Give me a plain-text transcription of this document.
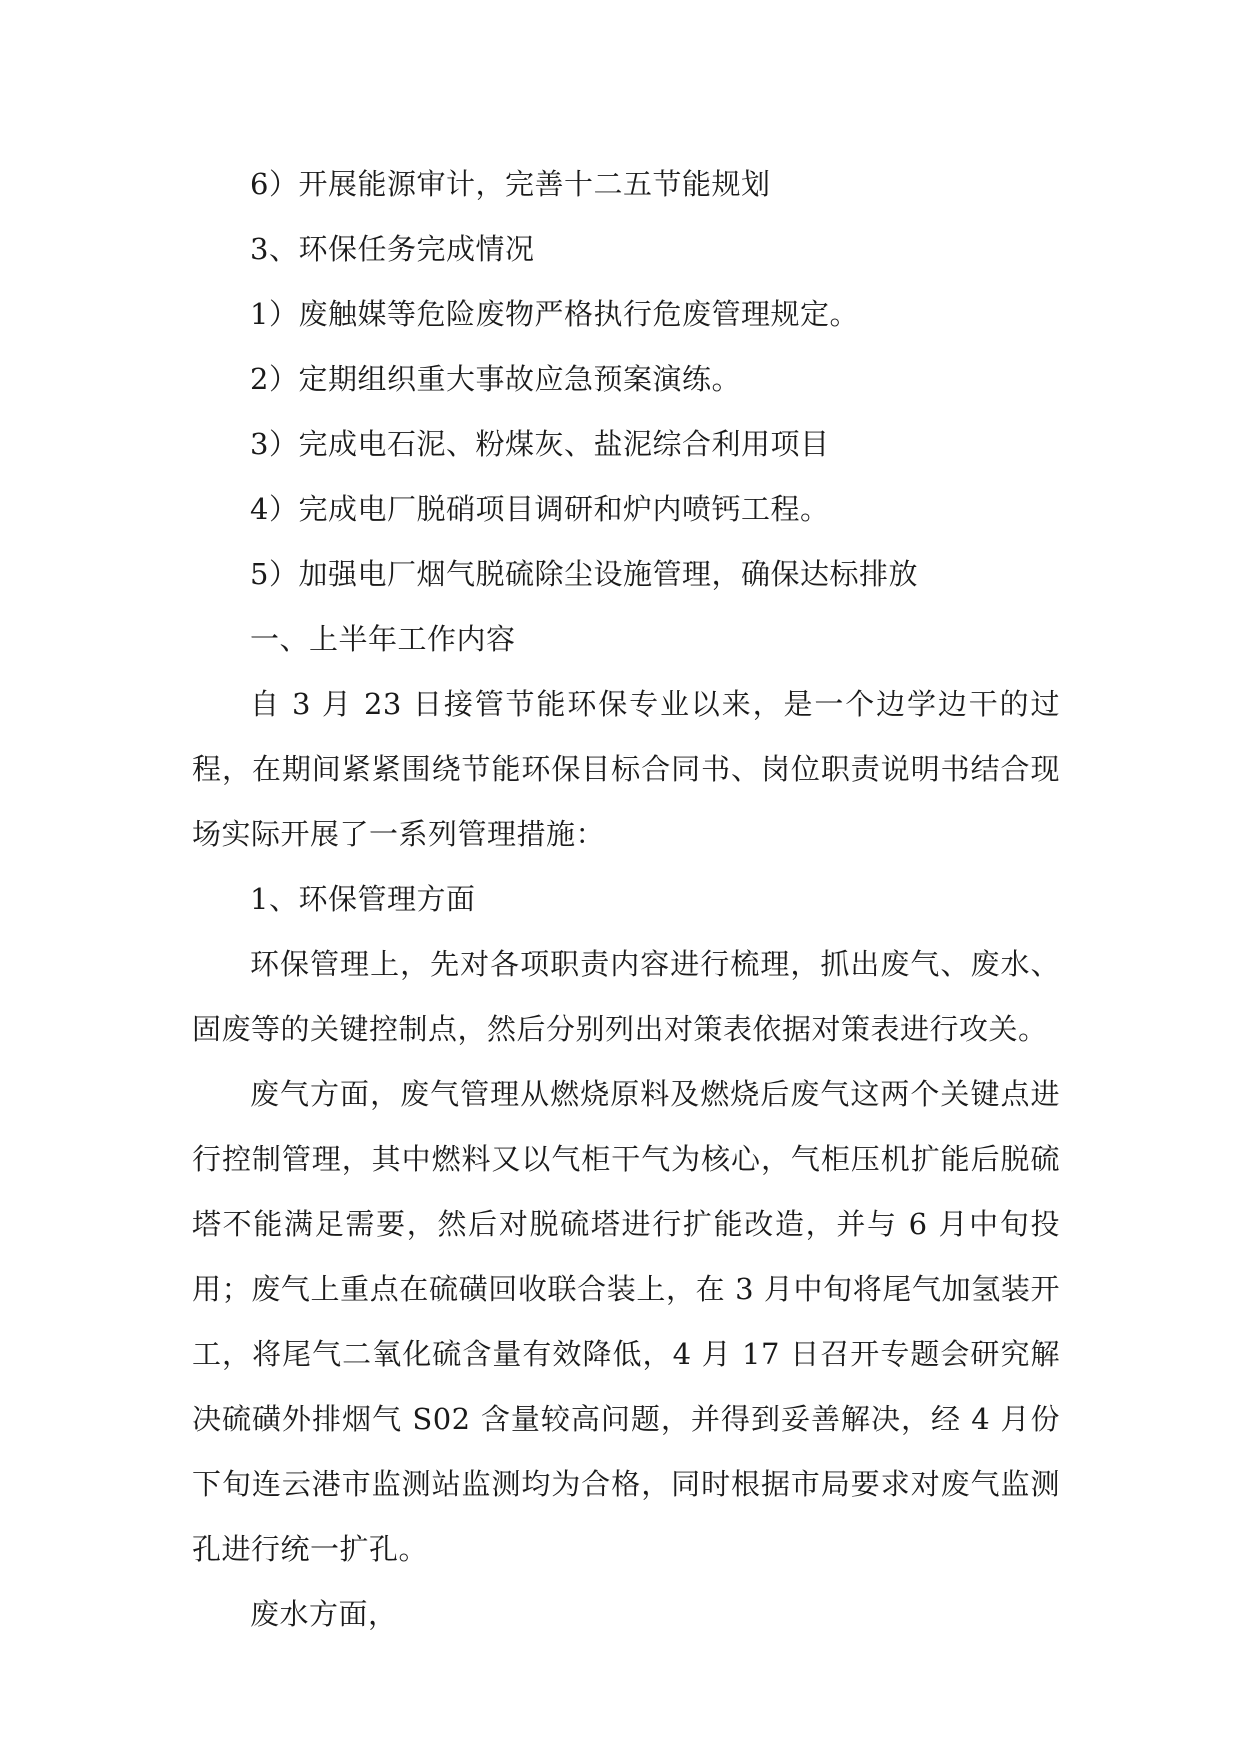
6）开展能源审计，完善十二五节能规划

3、环保任务完成情况

1）废触媒等危险废物严格执行危废管理规定。

2）定期组织重大事故应急预案演练。

3）完成电石泥、粉煤灰、盐泥综合利用项目

4）完成电厂脱硝项目调研和炉内喷钙工程。

5）加强电厂烟气脱硫除尘设施管理，确保达标排放

一、上半年工作内容

自 3 月 23 日接管节能环保专业以来，是一个边学边干的过程，在期间紧紧围绕节能环保目标合同书、岗位职责说明书结合现场实际开展了一系列管理措施：

1、环保管理方面

环保管理上，先对各项职责内容进行梳理，抓出废气、废水、固废等的关键控制点，然后分别列出对策表依据对策表进行攻关。

废气方面，废气管理从燃烧原料及燃烧后废气这两个关键点进行控制管理，其中燃料又以气柜干气为核心，气柜压机扩能后脱硫塔不能满足需要，然后对脱硫塔进行扩能改造，并与 6 月中旬投用；废气上重点在硫磺回收联合装上，在 3 月中旬将尾气加氢装开工，将尾气二氧化硫含量有效降低，4 月 17 日召开专题会研究解决硫磺外排烟气 S02 含量较高问题，并得到妥善解决，经 4 月份下旬连云港市监测站监测均为合格，同时根据市局要求对废气监测孔进行统一扩孔。

废水方面，
